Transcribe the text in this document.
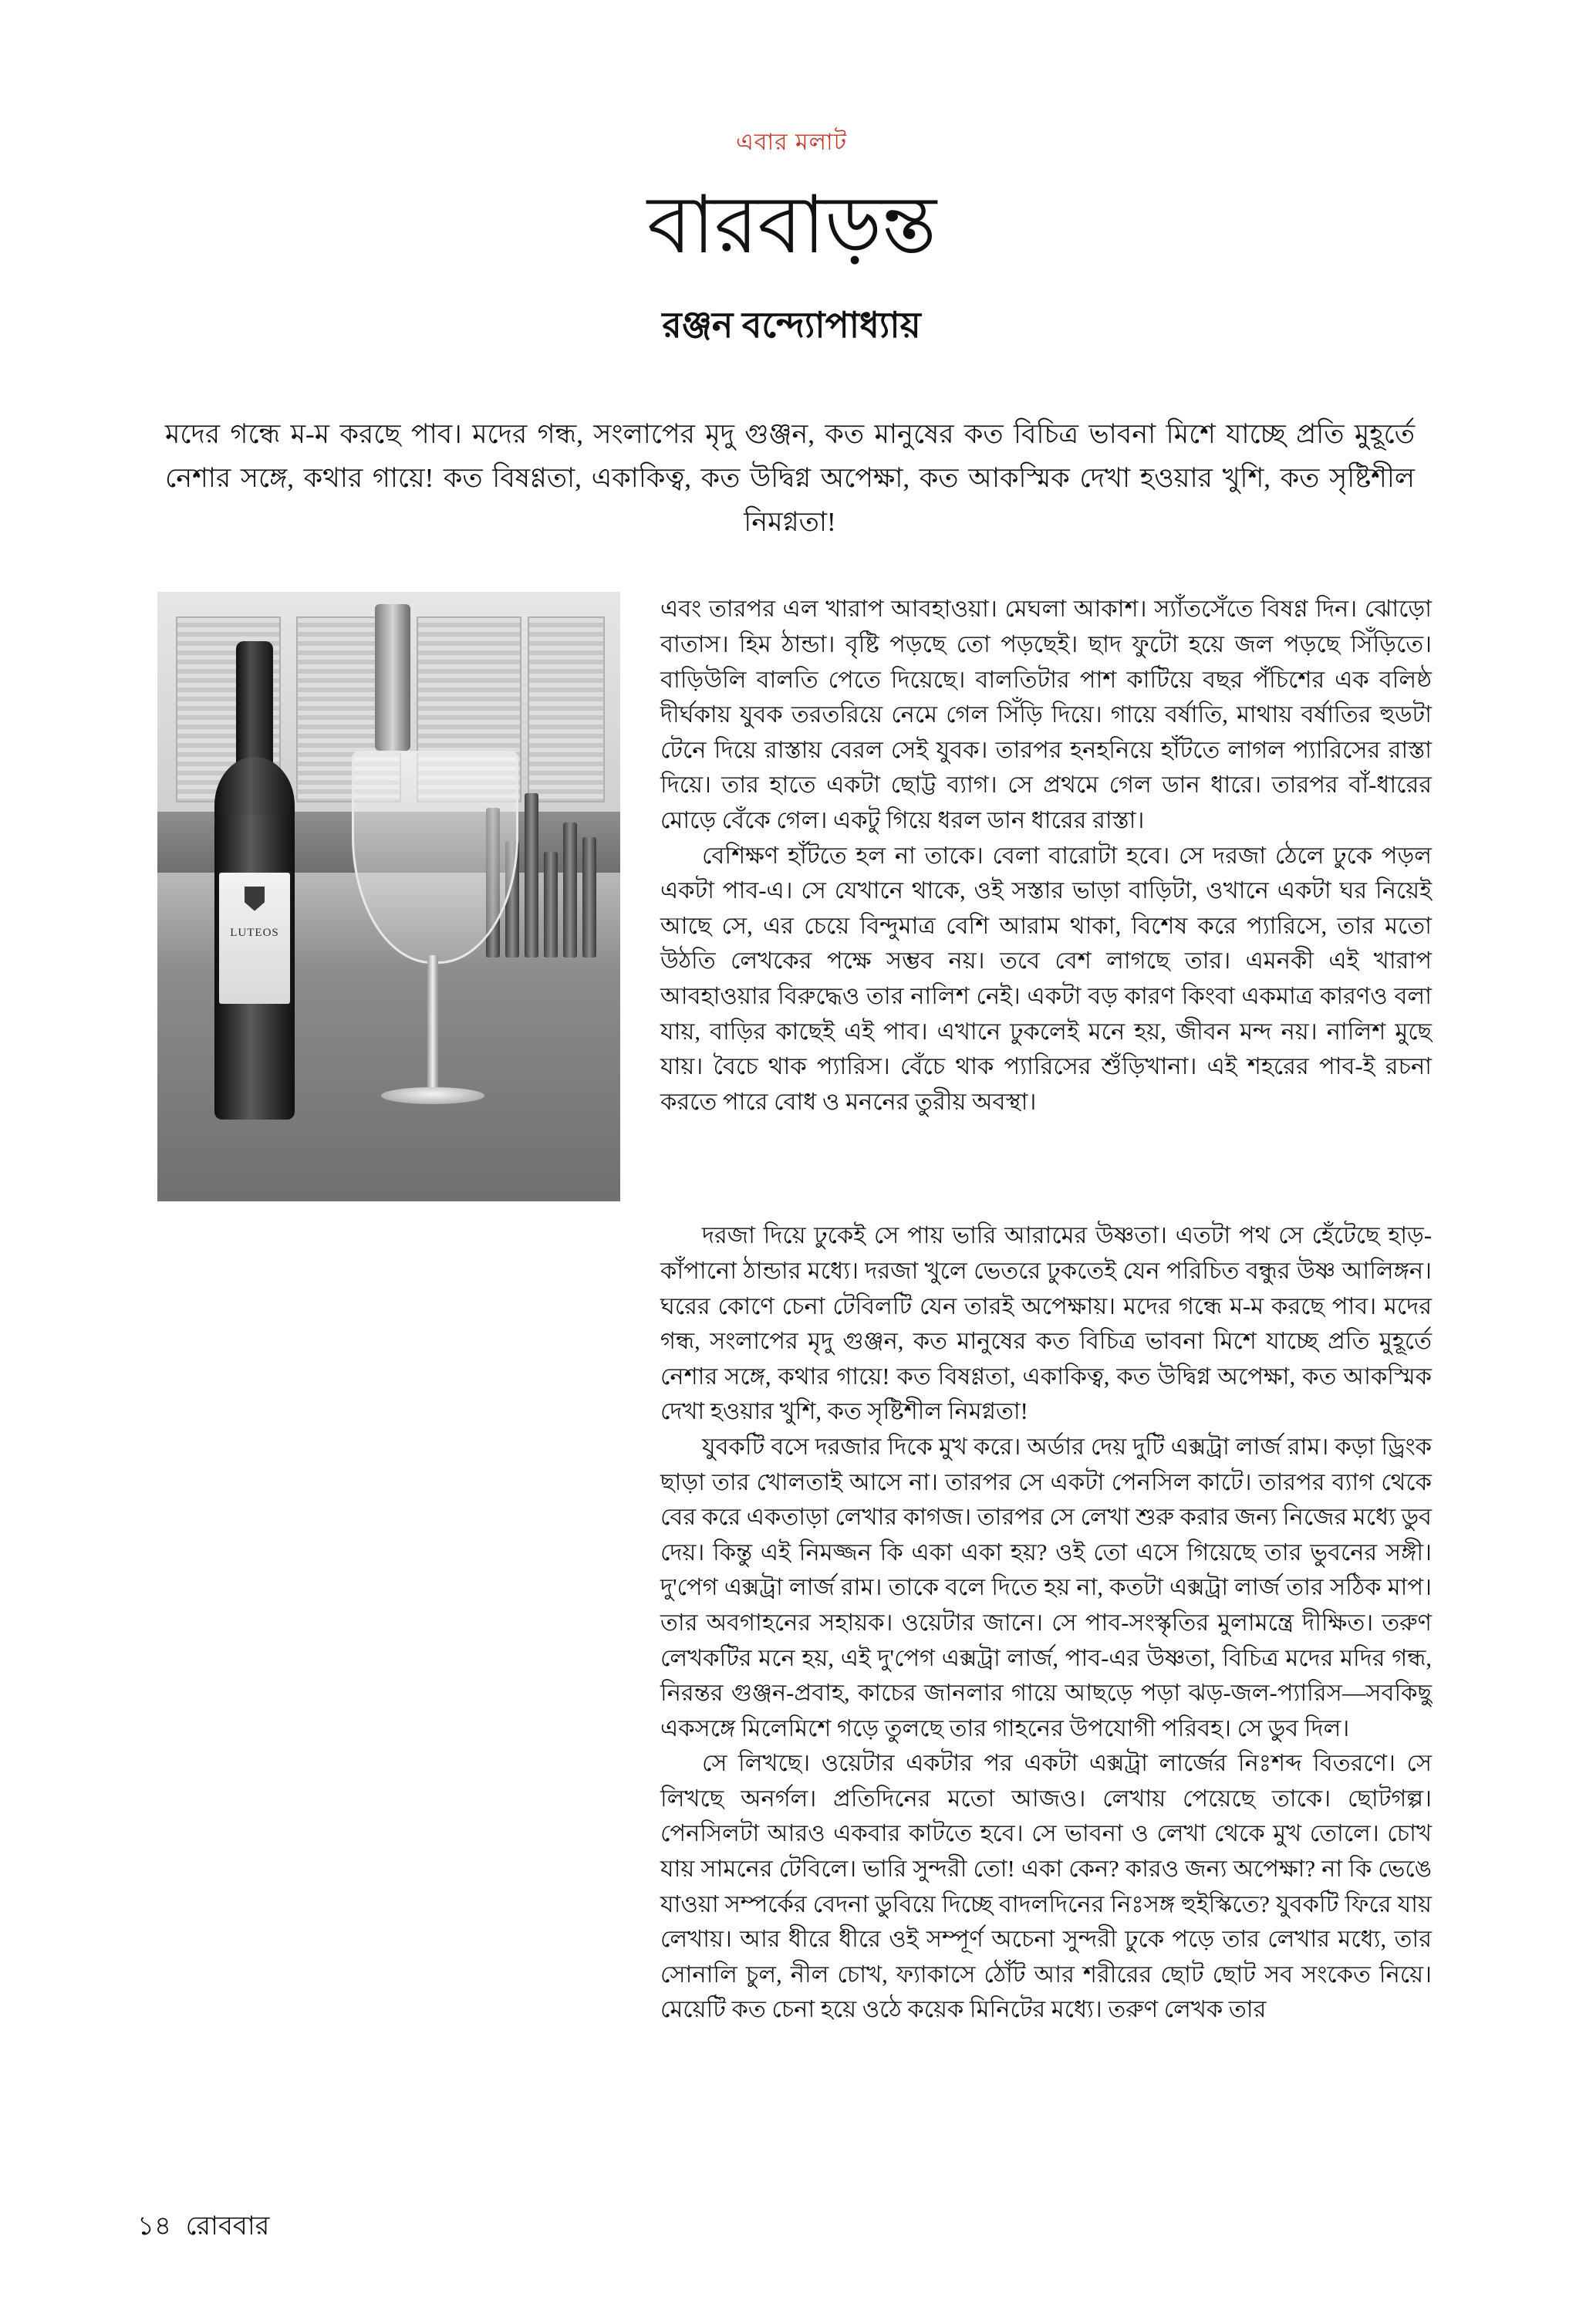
এবার মলাট
বারবাড়ন্ত
রঞ্জন বন্দ্যোপাধ্যায়
মদের গন্ধে ম-ম করছে পাব। মদের গন্ধ, সংলাপের মৃদু গুঞ্জন, কত মানুষের কত বিচিত্র ভাবনা মিশে যাচ্ছে প্রতি মুহূর্তে নেশার সঙ্গে, কথার গায়ে! কত বিষণ্ণতা, একাকিত্ব, কত উদ্বিগ্ন অপেক্ষা, কত আকস্মিক দেখা হওয়ার খুশি, কত সৃষ্টিশীল নিমগ্নতা!
LUTEOS

এবং তারপর এল খারাপ আবহাওয়া। মেঘলা আকাশ। স্যাঁতসেঁতে বিষণ্ণ দিন। ঝোড়ো বাতাস। হিম ঠান্ডা। বৃষ্টি পড়ছে তো পড়ছেই। ছাদ ফুটো হয়ে জল পড়ছে সিঁড়িতে। বাড়িউলি বালতি পেতে দিয়েছে। বালতিটার পাশ কাটিয়ে বছর পঁচিশের এক বলিষ্ঠ দীর্ঘকায় যুবক তরতরিয়ে নেমে গেল সিঁড়ি দিয়ে। গায়ে বর্ষাতি, মাথায় বর্ষাতির হুডটা টেনে দিয়ে রাস্তায় বেরল সেই যুবক। তারপর হনহনিয়ে হাঁটতে লাগল প্যারিসের রাস্তা দিয়ে। তার হাতে একটা ছোট্ট ব্যাগ। সে প্রথমে গেল ডান ধারে। তারপর বাঁ-ধারের মোড়ে বেঁকে গেল। একটু গিয়ে ধরল ডান ধারের রাস্তা।

বেশিক্ষণ হাঁটতে হল না তাকে। বেলা বারোটা হবে। সে দরজা ঠেলে ঢুকে পড়ল একটা পাব-এ। সে যেখানে থাকে, ওই সস্তার ভাড়া বাড়িটা, ওখানে একটা ঘর নিয়েই আছে সে, এর চেয়ে বিন্দুমাত্র বেশি আরাম থাকা, বিশেষ করে প্যারিসে, তার মতো উঠতি লেখকের পক্ষে সম্ভব নয়। তবে বেশ লাগছে তার। এমনকী এই খারাপ আবহাওয়ার বিরুদ্ধেও তার নালিশ নেই। একটা বড় কারণ কিংবা একমাত্র কারণও বলা যায়, বাড়ির কাছেই এই পাব। এখানে ঢুকলেই মনে হয়, জীবন মন্দ নয়। নালিশ মুছে যায়। বৈচে থাক প্যারিস। বেঁচে থাক প্যারিসের শুঁড়িখানা। এই শহরের পাব-ই রচনা করতে পারে বোধ ও মননের তুরীয় অবস্থা।

দরজা দিয়ে ঢুকেই সে পায় ভারি আরামের উষ্ণতা। এতটা পথ সে হেঁটেছে হাড়-কাঁপানো ঠান্ডার মধ্যে। দরজা খুলে ভেতরে ঢুকতেই যেন পরিচিত বন্ধুর উষ্ণ আলিঙ্গন। ঘরের কোণে চেনা টেবিলটি যেন তারই অপেক্ষায়। মদের গন্ধে ম-ম করছে পাব। মদের গন্ধ, সংলাপের মৃদু গুঞ্জন, কত মানুষের কত বিচিত্র ভাবনা মিশে যাচ্ছে প্রতি মুহূর্তে নেশার সঙ্গে, কথার গায়ে! কত বিষণ্ণতা, একাকিত্ব, কত উদ্বিগ্ন অপেক্ষা, কত আকস্মিক দেখা হওয়ার খুশি, কত সৃষ্টিশীল নিমগ্নতা!

যুবকটি বসে দরজার দিকে মুখ করে। অর্ডার দেয় দুটি এক্সট্রা লার্জ রাম। কড়া ড্রিংক ছাড়া তার খোলতাই আসে না। তারপর সে একটা পেনসিল কাটে। তারপর ব্যাগ থেকে বের করে একতাড়া লেখার কাগজ। তারপর সে লেখা শুরু করার জন্য নিজের মধ্যে ডুব দেয়। কিন্তু এই নিমজ্জন কি একা একা হয়? ওই তো এসে গিয়েছে তার ভুবনের সঙ্গী। দু'পেগ এক্সট্রা লার্জ রাম। তাকে বলে দিতে হয় না, কতটা এক্সট্রা লার্জ তার সঠিক মাপ। তার অবগাহনের সহায়ক। ওয়েটার জানে। সে পাব-সংস্কৃতির মুলামন্ত্রে দীক্ষিত। তরুণ লেখকটির মনে হয়, এই দু'পেগ এক্সট্রা লার্জ, পাব-এর উষ্ণতা, বিচিত্র মদের মদির গন্ধ, নিরন্তর গুঞ্জন-প্রবাহ, কাচের জানলার গায়ে আছড়ে পড়া ঝড়-জল-প্যারিস—সবকিছু একসঙ্গে মিলেমিশে গড়ে তুলছে তার গাহনের উপযোগী পরিবহ। সে ডুব দিল।

সে লিখছে। ওয়েটার একটার পর একটা এক্সট্রা লার্জের নিঃশব্দ বিতরণে। সে লিখছে অনর্গল। প্রতিদিনের মতো আজও। লেখায় পেয়েছে তাকে। ছোটগল্প। পেনসিলটা আরও একবার কাটতে হবে। সে ভাবনা ও লেখা থেকে মুখ তোলে। চোখ যায় সামনের টেবিলে। ভারি সুন্দরী তো! একা কেন? কারও জন্য অপেক্ষা? না কি ভেঙে যাওয়া সম্পর্কের বেদনা ডুবিয়ে দিচ্ছে বাদলদিনের নিঃসঙ্গ হুইস্কিতে? যুবকটি ফিরে যায় লেখায়। আর ধীরে ধীরে ওই সম্পূর্ণ অচেনা সুন্দরী ঢুকে পড়ে তার লেখার মধ্যে, তার সোনালি চুল, নীল চোখ, ফ্যাকাসে ঠোঁট আর শরীরের ছোট ছোট সব সংকেত নিয়ে। মেয়েটি কত চেনা হয়ে ওঠে কয়েক মিনিটের মধ্যে। তরুণ লেখক তার

১৪ রোববার
